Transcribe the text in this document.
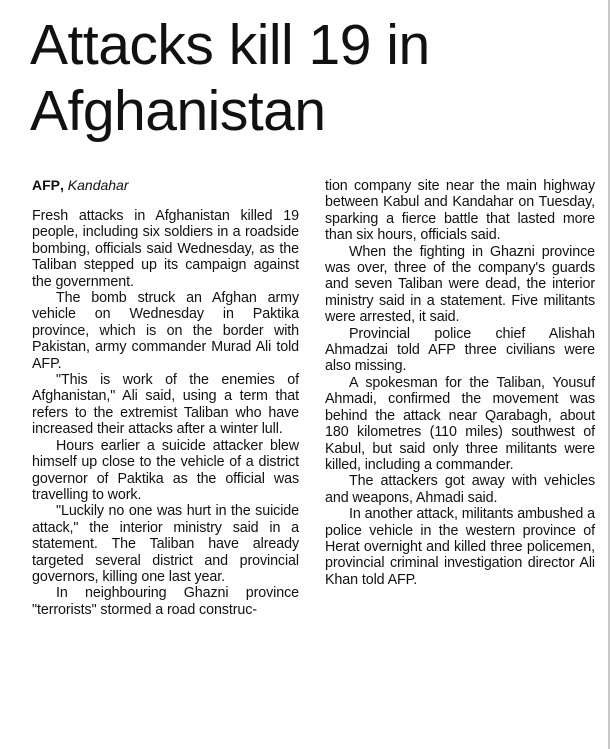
Attacks kill 19 in Afghanistan
AFP, Kandahar

Fresh attacks in Afghanistan killed 19 people, including six soldiers in a roadside bombing, officials said Wednesday, as the Taliban stepped up its campaign against the government.

The bomb struck an Afghan army vehicle on Wednesday in Paktika province, which is on the border with Pakistan, army commander Murad Ali told AFP.

"This is work of the enemies of Afghanistan," Ali said, using a term that refers to the extremist Taliban who have increased their attacks after a winter lull.

Hours earlier a suicide attacker blew himself up close to the vehicle of a district governor of Paktika as the official was travelling to work.

"Luckily no one was hurt in the suicide attack," the interior ministry said in a statement. The Taliban have already targeted several district and provincial governors, killing one last year.

In neighbouring Ghazni province "terrorists" stormed a road construc-

tion company site near the main highway between Kabul and Kandahar on Tuesday, sparking a fierce battle that lasted more than six hours, officials said.

When the fighting in Ghazni province was over, three of the company's guards and seven Taliban were dead, the interior ministry said in a statement. Five militants were arrested, it said.

Provincial police chief Alishah Ahmadzai told AFP three civilians were also missing.

A spokesman for the Taliban, Yousuf Ahmadi, confirmed the movement was behind the attack near Qarabagh, about 180 kilometres (110 miles) southwest of Kabul, but said only three militants were killed, including a commander.

The attackers got away with vehicles and weapons, Ahmadi said.

In another attack, militants ambushed a police vehicle in the western province of Herat overnight and killed three policemen, provincial criminal investigation director Ali Khan told AFP.
